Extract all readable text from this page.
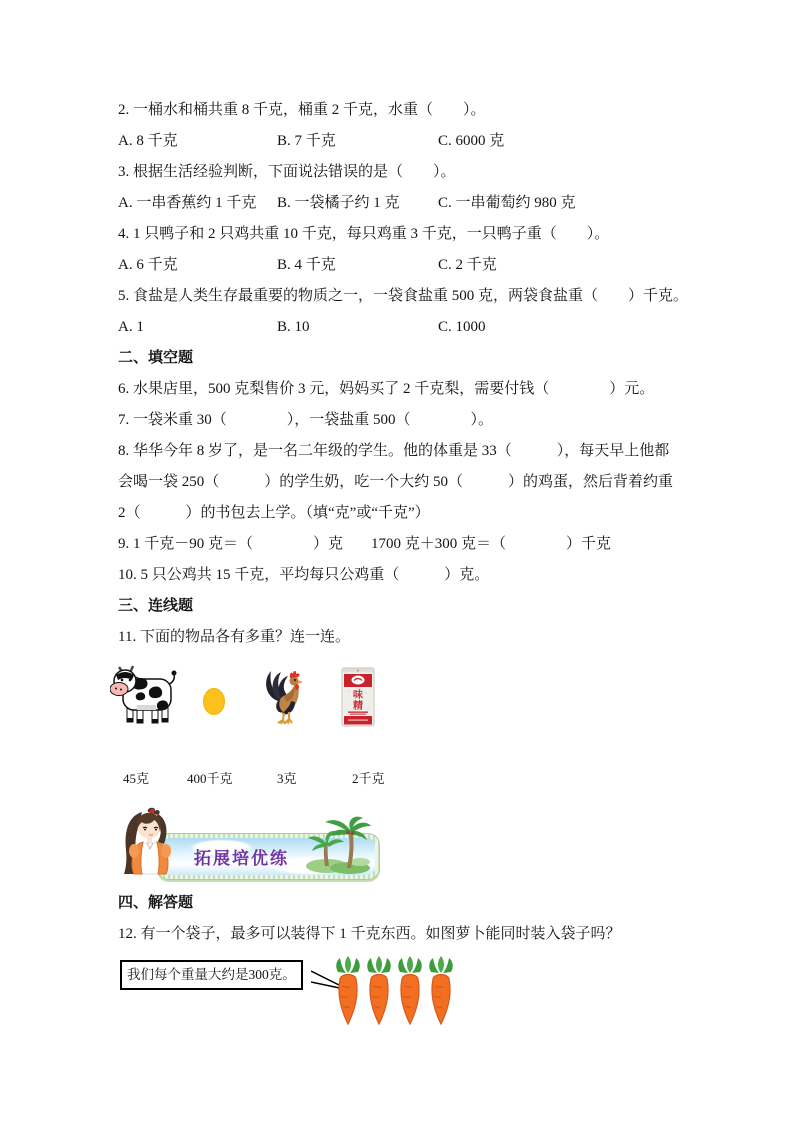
2. 一桶水和桶共重 8 千克，桶重 2 千克，水重（　　）。
A. 8 千克	B. 7 千克	C. 6000 克
3. 根据生活经验判断，下面说法错误的是（　　）。
A. 一串香蕉约 1 千克	B. 一袋橘子约 1 克	C. 一串葡萄约 980 克
4. 1 只鸭子和 2 只鸡共重 10 千克，每只鸡重 3 千克，一只鸭子重（　　）。
A. 6 千克	B. 4 千克	C. 2 千克
5. 食盐是人类生存最重要的物质之一，一袋食盐重 500 克，两袋食盐重（　　）千克。
A. 1	B. 10	C. 1000
二、填空题
6. 水果店里，500 克梨售价 3 元，妈妈买了 2 千克梨，需要付钱（　　　　）元。
7. 一袋米重 30（　　　　），一袋盐重 500（　　　　）。
8. 华华今年 8 岁了，是一名二年级的学生。他的体重是 33（　　　），每天早上他都会喝一袋 250（　　　）的学生奶，吃一个大约 50（　　　）的鸡蛋，然后背着约重 2（　　　）的书包去上学。（填“克”或“千克”）
9. 1 千克－90 克＝（　　　　）克 1700 克＋300 克＝（　　　　）千克
10. 5 只公鸡共 15 千克，平均每只公鸡重（　　　）克。
三、连线题
11. 下面的物品各有多重？连一连。
味
精
45克	400千克	3克	2千克
拓展培优练
四、解答题
12. 有一个袋子，最多可以装得下 1 千克东西。如图萝卜能同时装入袋子吗？
我们每个重量大约是300克。
